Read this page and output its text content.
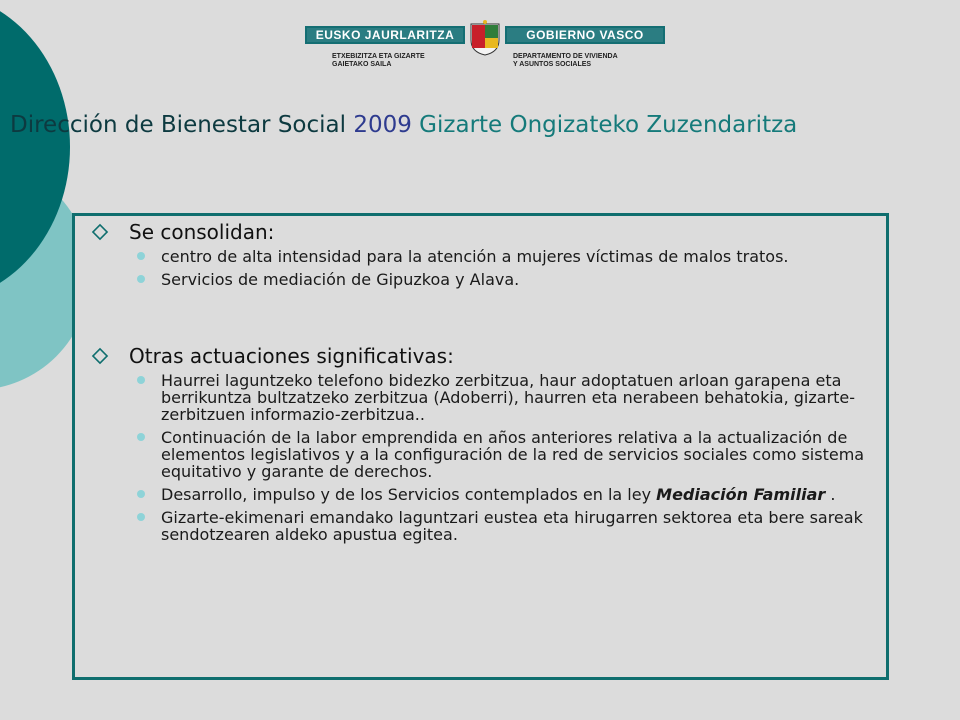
EUSKO JAURLARITZA	GOBIERNO VASCO
ETXEBIZITZA ETA GIZARTE
GAIETAKO SAILA
DEPARTAMENTO DE VIVIENDA
Y ASUNTOS SOCIALES
Dirección de Bienestar Social 2009 Gizarte Ongizateko Zuzendaritza
Se consolidan:
centro de alta intensidad para la atención a mujeres víctimas de malos tratos.
Servicios de mediación de Gipuzkoa y Alava.
Otras actuaciones significativas:
Haurrei laguntzeko telefono bidezko zerbitzua, haur adoptatuen arloan garapena eta berrikuntza bultzatzeko zerbitzua (Adoberri), haurren eta nerabeen behatokia, gizarte-zerbitzuen informazio-zerbitzua..
Continuación de la labor emprendida en años anteriores relativa a la actualización de elementos legislativos y a la configuración de la red de servicios sociales como sistema equitativo y garante de derechos.
Desarrollo, impulso y de los Servicios contemplados en la ley Mediación Familiar .
Gizarte-ekimenari emandako laguntzari eustea eta hirugarren sektorea eta bere sareak sendotzearen aldeko apustua egitea.
